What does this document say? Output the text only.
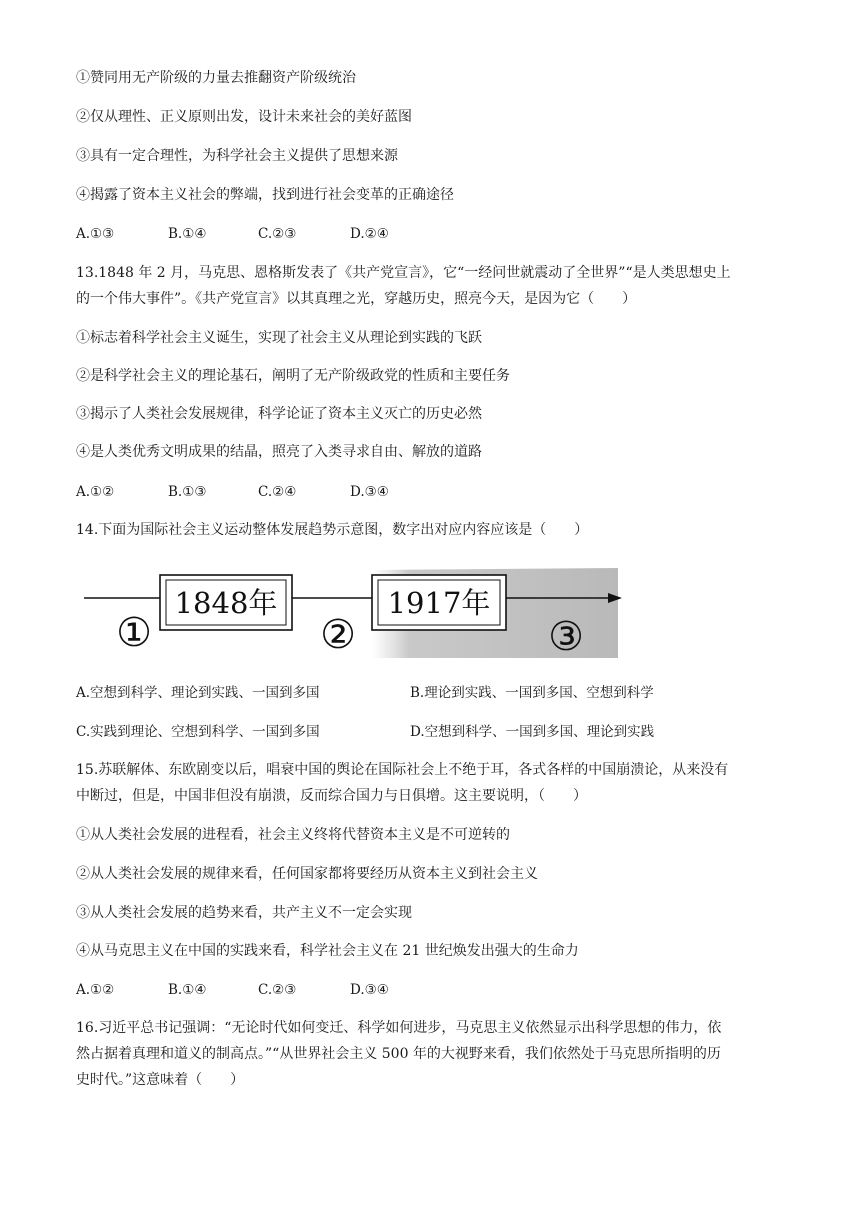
①赞同用无产阶级的力量去推翻资产阶级统治
②仅从理性、正义原则出发，设计未来社会的美好蓝图
③具有一定合理性，为科学社会主义提供了思想来源
④揭露了资本主义社会的弊端，找到进行社会变革的正确途径
A.①③	B.①④	C.②③	D.②④
13.1848 年 2 月，马克思、恩格斯发表了《共产党宣言》，它“一经问世就震动了全世界”“是人类思想史上
的一个伟大事件”。《共产党宣言》以其真理之光，穿越历史，照亮今天，是因为它（　　）
①标志着科学社会主义诞生，实现了社会主义从理论到实践的飞跃
②是科学社会主义的理论基石，阐明了无产阶级政党的性质和主要任务
③揭示了人类社会发展规律，科学论证了资本主义灭亡的历史必然
④是人类优秀文明成果的结晶，照亮了入类寻求自由、解放的道路
A.①②	B.①③	C.②④	D.③④
14.下面为国际社会主义运动整体发展趋势示意图，数字出对应内容应该是（　　）
1848年	1917年
①	②	③
A.空想到科学、理论到实践、一国到多国	B.理论到实践、一国到多国、空想到科学
C.实践到理论、空想到科学、一国到多国	D.空想到科学、一国到多国、理论到实践
15.苏联解体、东欧剧变以后，唱衰中国的舆论在国际社会上不绝于耳，各式各样的中国崩溃论，从来没有
中断过，但是，中国非但没有崩溃，反而综合国力与日俱增。这主要说明，（　　）
①从人类社会发展的进程看，社会主义终将代替资本主义是不可逆转的
②从人类社会发展的规律来看，任何国家都将要经历从资本主义到社会主义
③从人类社会发展的趋势来看，共产主义不一定会实现
④从马克思主义在中国的实践来看，科学社会主义在 21 世纪焕发出强大的生命力
A.①②	B.①④	C.②③	D.③④
16.习近平总书记强调：“无论时代如何变迁、科学如何进步，马克思主义依然显示出科学思想的伟力，依
然占据着真理和道义的制高点。”“从世界社会主义 500 年的大视野来看，我们依然处于马克思所指明的历
史时代。”这意味着（　　）
